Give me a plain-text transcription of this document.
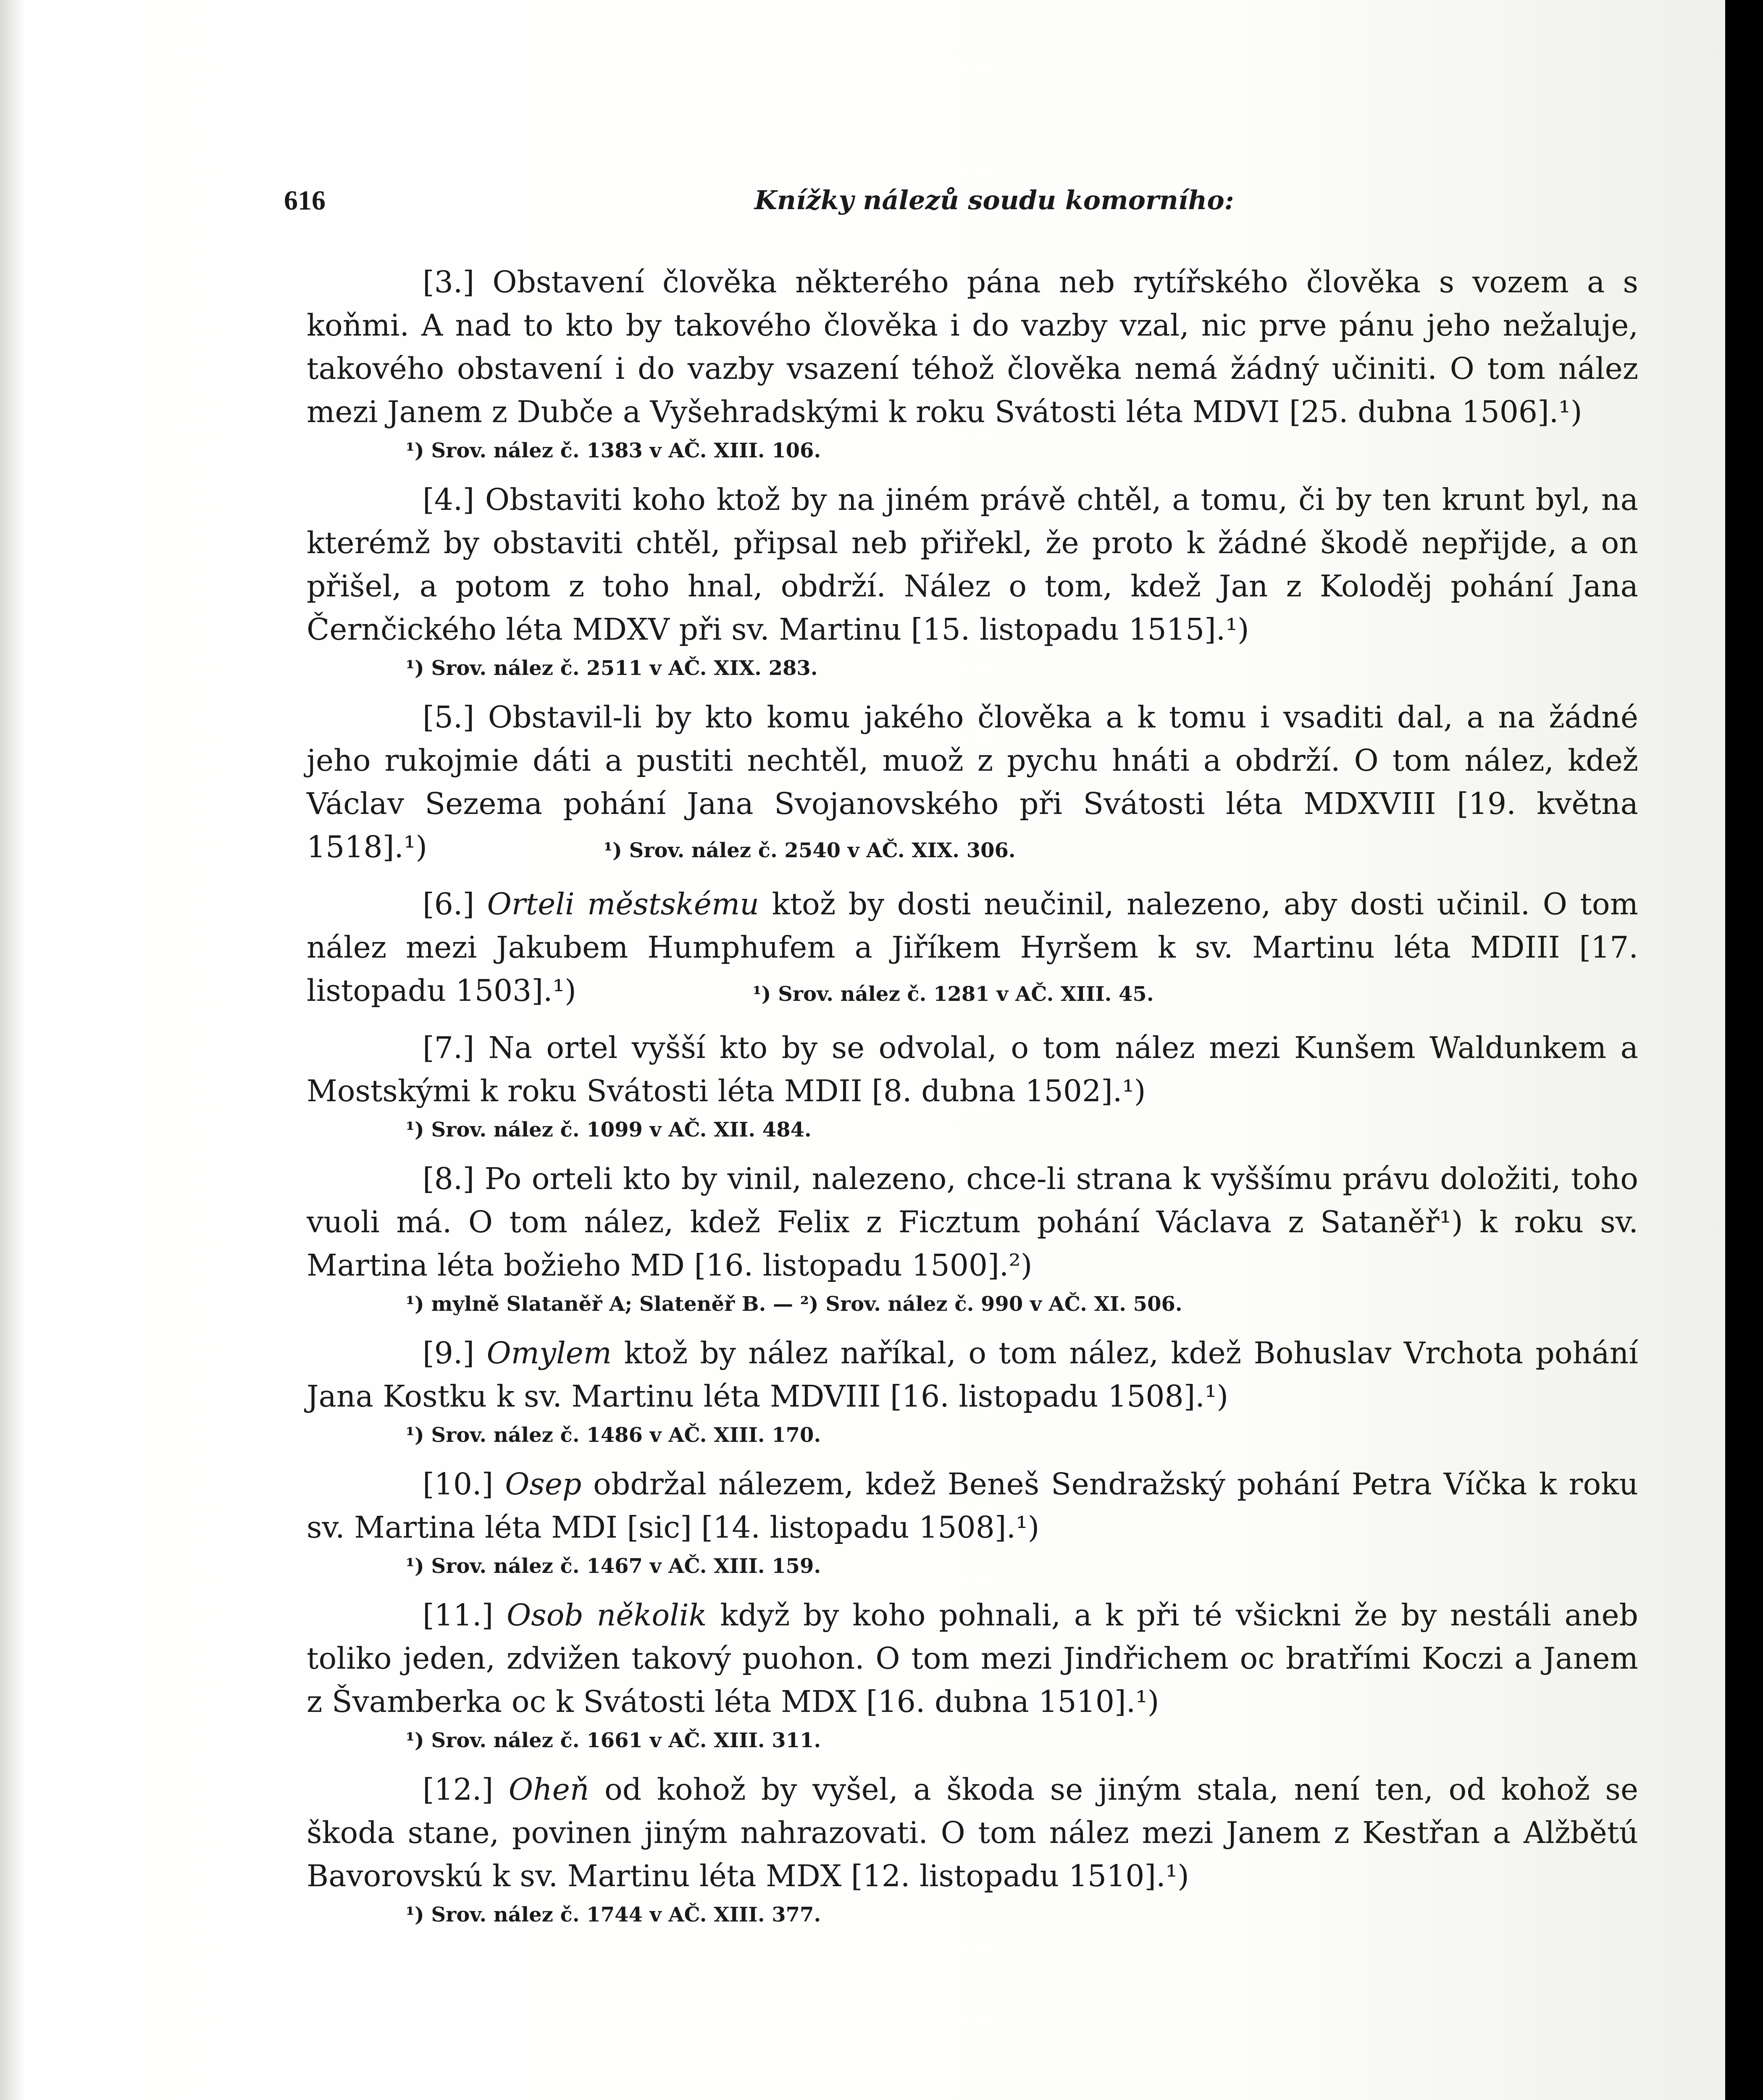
616	Knížky nálezů soudu komorního:

[3.] Obstavení člověka některého pána neb rytířského člověka s vozem a s koňmi. A nad to kto by takového člověka i do vazby vzal, nic prve pánu jeho nežaluje, takového obstavení i do vazby vsazení téhož člověka nemá žádný učiniti. O tom nález mezi Janem z Dubče a Vyšehradskými k roku Svátosti léta MDVI [25. dubna 1506].¹)

¹) Srov. nález č. 1383 v AČ. XIII. 106.

[4.] Obstaviti koho ktož by na jiném právě chtěl, a tomu, či by ten krunt byl, na kterémž by obstaviti chtěl, připsal neb přiřekl, že proto k žádné škodě nepřijde, a on přišel, a potom z toho hnal, obdrží. Nález o tom, kdež Jan z Koloděj pohání Jana Černčického léta MDXV při sv. Martinu [15. listopadu 1515].¹)

¹) Srov. nález č. 2511 v AČ. XIX. 283.

[5.] Obstavil-li by kto komu jakého člověka a k tomu i vsaditi dal, a na žádné jeho rukojmie dáti a pustiti nechtěl, muož z pychu hnáti a obdrží. O tom nález, kdež Václav Sezema pohání Jana Svojanovského při Svátosti léta MDXVIII [19. května 1518].¹)	¹) Srov. nález č. 2540 v AČ. XIX. 306.

[6.] Orteli městskému ktož by dosti neučinil, nalezeno, aby dosti učinil. O tom nález mezi Jakubem Humphufem a Jiříkem Hyršem k sv. Martinu léta MDIII [17. listopadu 1503].¹)	¹) Srov. nález č. 1281 v AČ. XIII. 45.

[7.] Na ortel vyšší kto by se odvolal, o tom nález mezi Kunšem Waldunkem a Mostskými k roku Svátosti léta MDII [8. dubna 1502].¹)

¹) Srov. nález č. 1099 v AČ. XII. 484.

[8.] Po orteli kto by vinil, nalezeno, chce-li strana k vyššímu právu doložiti, toho vuoli má. O tom nález, kdež Felix z Ficztum pohání Václava z Sataněř¹) k roku sv. Martina léta božieho MD [16. listopadu 1500].²)

¹) mylně Slataněř A; Slateněř B. — ²) Srov. nález č. 990 v AČ. XI. 506.

[9.] Omylem ktož by nález naříkal, o tom nález, kdež Bohuslav Vrchota pohání Jana Kostku k sv. Martinu léta MDVIII [16. listopadu 1508].¹)

¹) Srov. nález č. 1486 v AČ. XIII. 170.

[10.] Osep obdržal nálezem, kdež Beneš Sendražský pohání Petra Víčka k roku sv. Martina léta MDI [sic] [14. listopadu 1508].¹)

¹) Srov. nález č. 1467 v AČ. XIII. 159.

[11.] Osob několik když by koho pohnali, a k při té všickni že by nestáli aneb toliko jeden, zdvižen takový puohon. O tom mezi Jindřichem oc bratřími Koczi a Janem z Švamberka oc k Svátosti léta MDX [16. dubna 1510].¹)

¹) Srov. nález č. 1661 v AČ. XIII. 311.

[12.] Oheň od kohož by vyšel, a škoda se jiným stala, není ten, od kohož se škoda stane, povinen jiným nahrazovati. O tom nález mezi Janem z Kestřan a Alžbětú Bavorovskú k sv. Martinu léta MDX [12. listopadu 1510].¹)

¹) Srov. nález č. 1744 v AČ. XIII. 377.
